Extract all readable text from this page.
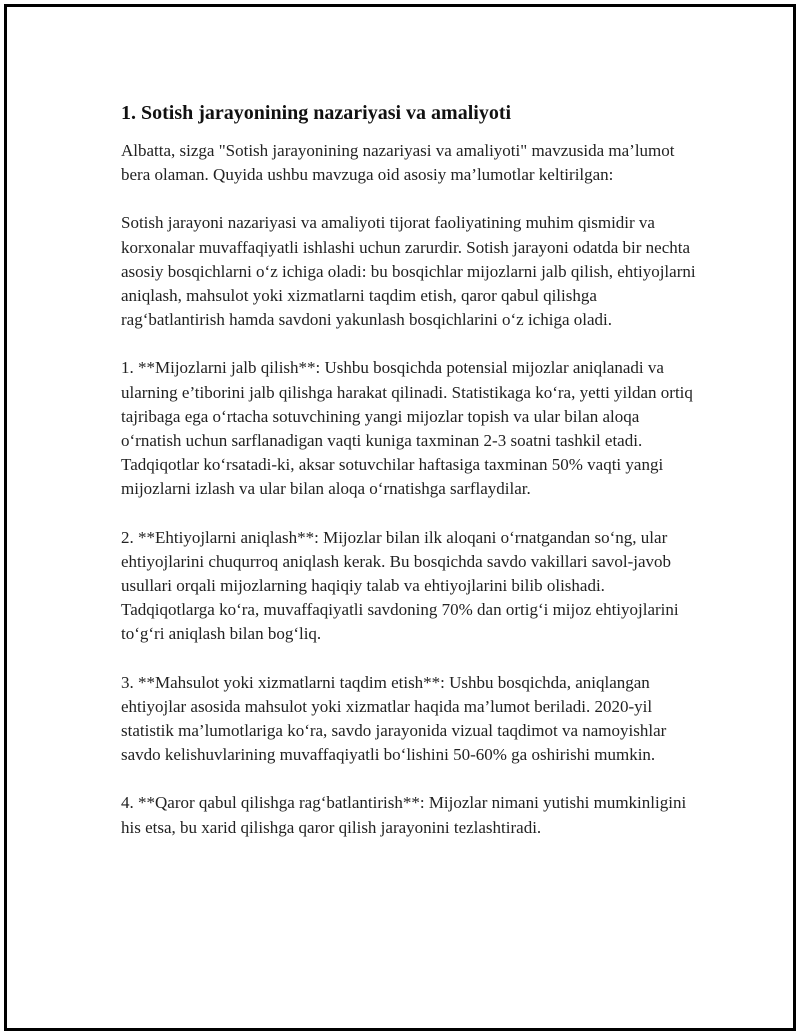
1. Sotish jarayonining nazariyasi va amaliyoti

Albatta, sizga "Sotish jarayonining nazariyasi va amaliyoti" mavzusida ma’lumot bera olaman. Quyida ushbu mavzuga oid asosiy ma’lumotlar keltirilgan:

Sotish jarayoni nazariyasi va amaliyoti tijorat faoliyatining muhim qismidir va korxonalar muvaffaqiyatli ishlashi uchun zarurdir. Sotish jarayoni odatda bir nechta asosiy bosqichlarni o‘z ichiga oladi: bu bosqichlar mijozlarni jalb qilish, ehtiyojlarni aniqlash, mahsulot yoki xizmatlarni taqdim etish, qaror qabul qilishga rag‘batlantirish hamda savdoni yakunlash bosqichlarini o‘z ichiga oladi.

1. **Mijozlarni jalb qilish**: Ushbu bosqichda potensial mijozlar aniqlanadi va ularning e’tiborini jalb qilishga harakat qilinadi. Statistikaga ko‘ra, yetti yildan ortiq tajribaga ega o‘rtacha sotuvchining yangi mijozlar topish va ular bilan aloqa o‘rnatish uchun sarflanadigan vaqti kuniga taxminan 2-3 soatni tashkil etadi. Tadqiqotlar ko‘rsatadi-ki, aksar sotuvchilar haftasiga taxminan 50% vaqti yangi mijozlarni izlash va ular bilan aloqa o‘rnatishga sarflaydilar.

2. **Ehtiyojlarni aniqlash**: Mijozlar bilan ilk aloqani o‘rnatgandan so‘ng, ular ehtiyojlarini chuqurroq aniqlash kerak. Bu bosqichda savdo vakillari savol-javob usullari orqali mijozlarning haqiqiy talab va ehtiyojlarini bilib olishadi. Tadqiqotlarga ko‘ra, muvaffaqiyatli savdoning 70% dan ortig‘i mijoz ehtiyojlarini to‘g‘ri aniqlash bilan bog‘liq.

3. **Mahsulot yoki xizmatlarni taqdim etish**: Ushbu bosqichda, aniqlangan ehtiyojlar asosida mahsulot yoki xizmatlar haqida ma’lumot beriladi. 2020-yil statistik ma’lumotlariga ko‘ra, savdo jarayonida vizual taqdimot va namoyishlar savdo kelishuvlarining muvaffaqiyatli bo‘lishini 50-60% ga oshirishi mumkin.

4. **Qaror qabul qilishga rag‘batlantirish**: Mijozlar nimani yutishi mumkinligini his etsa, bu xarid qilishga qaror qilish jarayonini tezlashtiradi.
